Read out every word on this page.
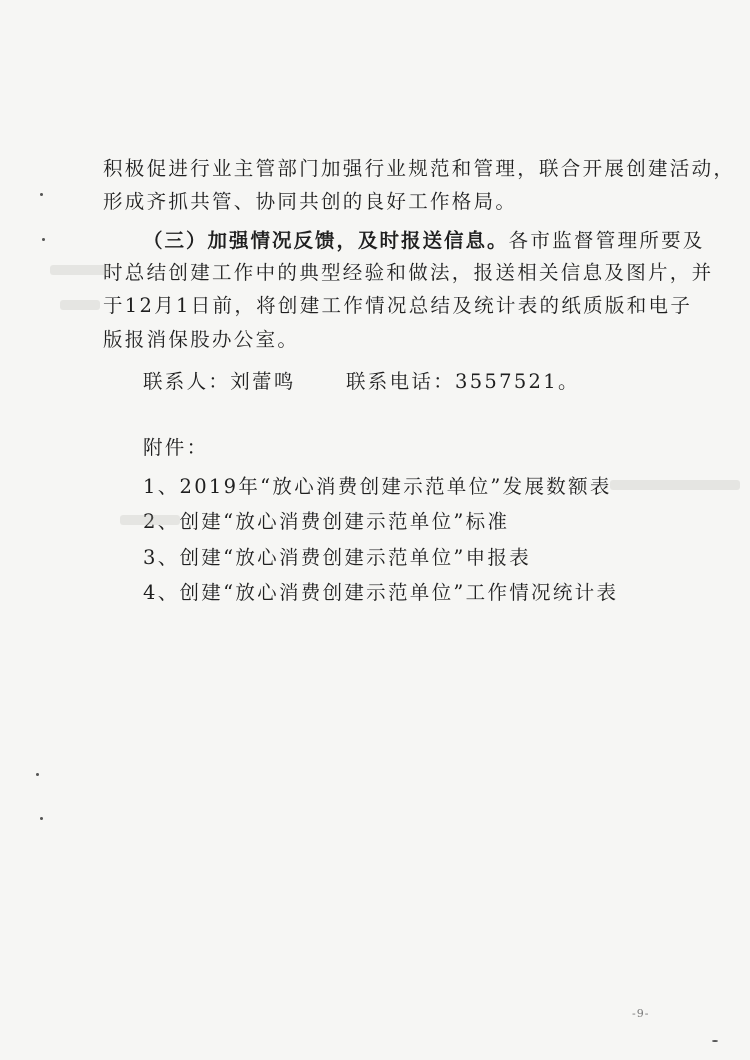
积极促进行业主管部门加强行业规范和管理，联合开展创建活动，
形成齐抓共管、协同共创的良好工作格局。
（三）加强情况反馈，及时报送信息。各市监督管理所要及
时总结创建工作中的典型经验和做法，报送相关信息及图片，并
于12月1日前，将创建工作情况总结及统计表的纸质版和电子
版报消保股办公室。
联系人：刘蕾鸣	联系电话：3557521。
附件：
1、2019年“放心消费创建示范单位”发展数额表
2、创建“放心消费创建示范单位”标准
3、创建“放心消费创建示范单位”申报表
4、创建“放心消费创建示范单位”工作情况统计表
-9-
